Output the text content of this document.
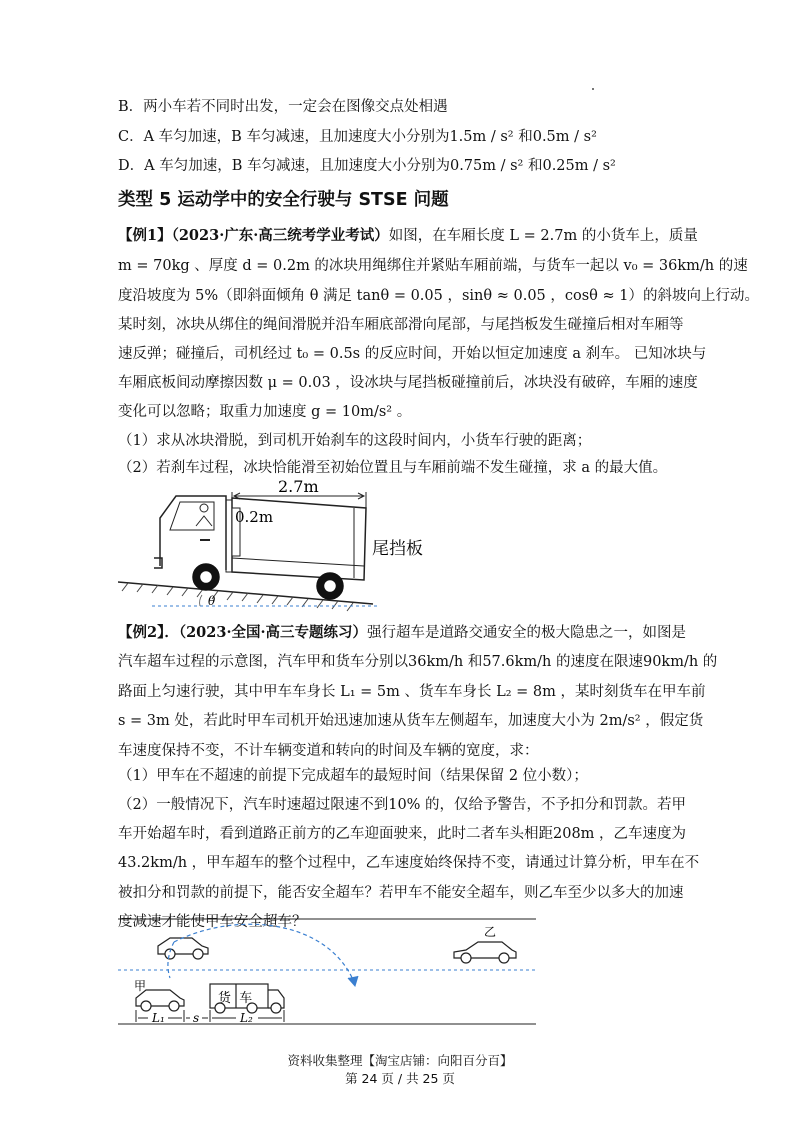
B．两小车若不同时出发，一定会在图像交点处相遇
C．A 车匀加速，B 车匀减速，且加速度大小分别为1.5m / s² 和0.5m / s²
D．A 车匀加速，B 车匀减速，且加速度大小分别为0.75m / s² 和0.25m / s²
类型 5 运动学中的安全行驶与 STSE 问题
【例1】（2023·广东·高三统考学业考试）如图，在车厢长度 L = 2.7m 的小货车上，质量
m = 70kg 、厚度 d = 0.2m 的冰块用绳绑住并紧贴车厢前端，与货车一起以 v₀ = 36km/h 的速
度沿坡度为 5%（即斜面倾角 θ 满足 tanθ = 0.05 ，sinθ ≈ 0.05 ，cosθ ≈ 1）的斜坡向上行动。
某时刻，冰块从绑住的绳间滑脱并沿车厢底部滑向尾部，与尾挡板发生碰撞后相对车厢等
速反弹；碰撞后，司机经过 t₀ = 0.5s 的反应时间，开始以恒定加速度 a 刹车。 已知冰块与
车厢底板间动摩擦因数 μ = 0.03 ，设冰块与尾挡板碰撞前后，冰块没有破碎，车厢的速度
变化可以忽略；取重力加速度 g = 10m/s² 。
（1）求从冰块滑脱，到司机开始刹车的这段时间内，小货车行驶的距离；
（2）若刹车过程，冰块恰能滑至初始位置且与车厢前端不发生碰撞，求 a 的最大值。
θ
2.7m
0.2m
尾挡板
【例2】．（2023·全国·高三专题练习）强行超车是道路交通安全的极大隐患之一，如图是
汽车超车过程的示意图，汽车甲和货车分别以36km/h 和57.6km/h 的速度在限速90km/h 的
路面上匀速行驶，其中甲车车身长 L₁ = 5m 、货车车身长 L₂ = 8m ，某时刻货车在甲车前
s = 3m 处，若此时甲车司机开始迅速加速从货车左侧超车，加速度大小为 2m/s² ，假定货
车速度保持不变，不计车辆变道和转向的时间及车辆的宽度，求：
（1）甲车在不超速的前提下完成超车的最短时间（结果保留 2 位小数）；
（2）一般情况下，汽车时速超过限速不到10% 的，仅给予警告，不予扣分和罚款。若甲
车开始超车时，看到道路正前方的乙车迎面驶来，此时二者车头相距208m ，乙车速度为
43.2km/h ，甲车超车的整个过程中，乙车速度始终保持不变，请通过计算分析，甲车在不
被扣分和罚款的前提下，能否安全超车？若甲车不能安全超车，则乙车至少以多大的加速
度减速才能使甲车安全超车？
乙
甲
货  车
L₁ s	L₂
资料收集整理【淘宝店铺：向阳百分百】
第 24 页 / 共 25 页
